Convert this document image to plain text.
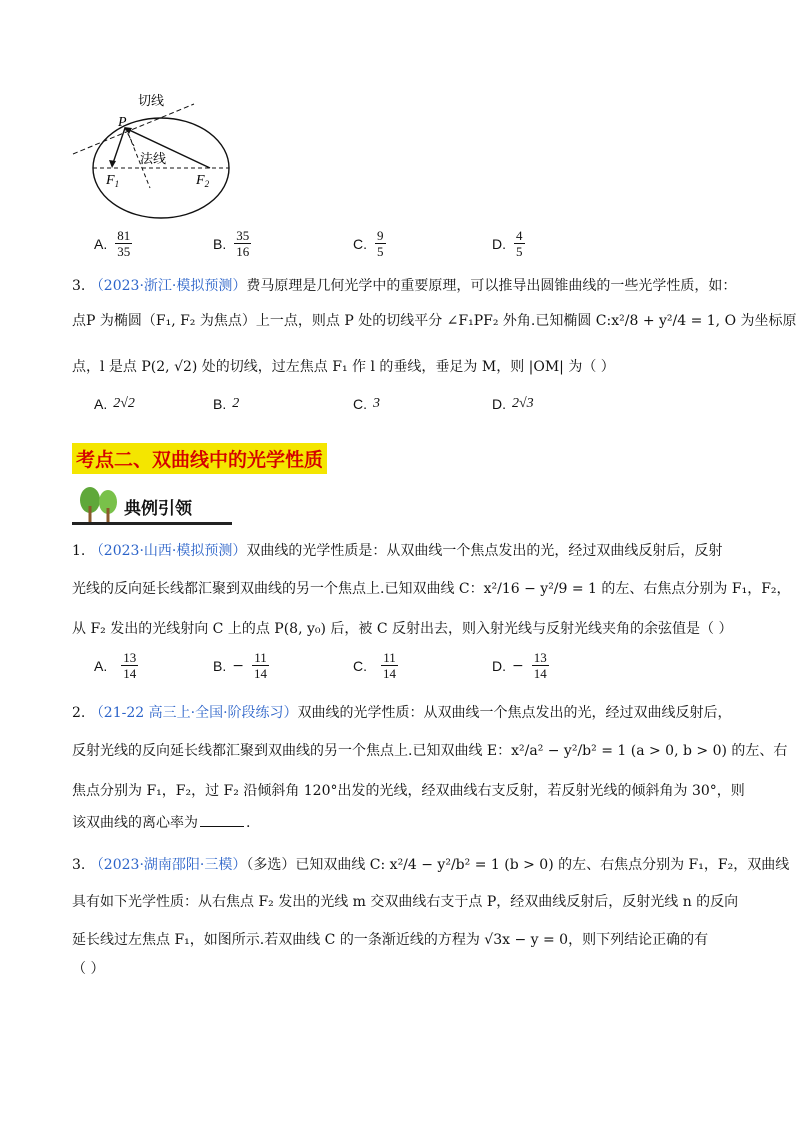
切线
法线
P
$F_1$	$F_2$
A. $\frac{81}{35}$	B. $\frac{35}{16}$	C. $\frac{9}{5}$	D. $\frac{4}{5}$
3. （2023·浙江·模拟预测）费马原理是几何光学中的重要原理，可以推导出圆锥曲线的一些光学性质，如：
点P 为椭圆（F₁, F₂ 为焦点）上一点，则点 P 处的切线平分 ∠F₁PF₂ 外角.已知椭圆 C:x²/8 + y²/4 = 1, O 为坐标原
点，l 是点 P(2, √2) 处的切线，过左焦点 F₁ 作 l 的垂线，垂足为 M，则 |OM| 为（ ）
A. 2√2	B. 2	C. 3	D. 2√3
考点二、双曲线中的光学性质
典例引领
1. （2023·山西·模拟预测）双曲线的光学性质是：从双曲线一个焦点发出的光，经过双曲线反射后，反射
光线的反向延长线都汇聚到双曲线的另一个焦点上.已知双曲线 C：x²/16 − y²/9 = 1 的左、右焦点分别为 F₁，F₂，
从 F₂ 发出的光线射向 C 上的点 P(8, y₀) 后，被 C 反射出去，则入射光线与反射光线夹角的余弦值是（ ）
A. $\frac{13}{14}$	B. − $\frac{11}{14}$	C. $\frac{11}{14}$	D. − $\frac{13}{14}$
2. （21-22 高三上·全国·阶段练习）双曲线的光学性质：从双曲线一个焦点发出的光，经过双曲线反射后，
反射光线的反向延长线都汇聚到双曲线的另一个焦点上.已知双曲线 E：x²/a² − y²/b² = 1 (a > 0, b > 0) 的左、右
焦点分别为 F₁，F₂，过 F₂ 沿倾斜角 120°出发的光线，经双曲线右支反射，若反射光线的倾斜角为 30°，则
该双曲线的离心率为	.
3. （2023·湖南邵阳·三模）（多选）已知双曲线 C: x²/4 − y²/b² = 1 (b > 0) 的左、右焦点分别为 F₁，F₂，双曲线
具有如下光学性质：从右焦点 F₂ 发出的光线 m 交双曲线右支于点 P，经双曲线反射后，反射光线 n 的反向
延长线过左焦点 F₁，如图所示.若双曲线 C 的一条渐近线的方程为 √3x − y = 0，则下列结论正确的有
（ ）
